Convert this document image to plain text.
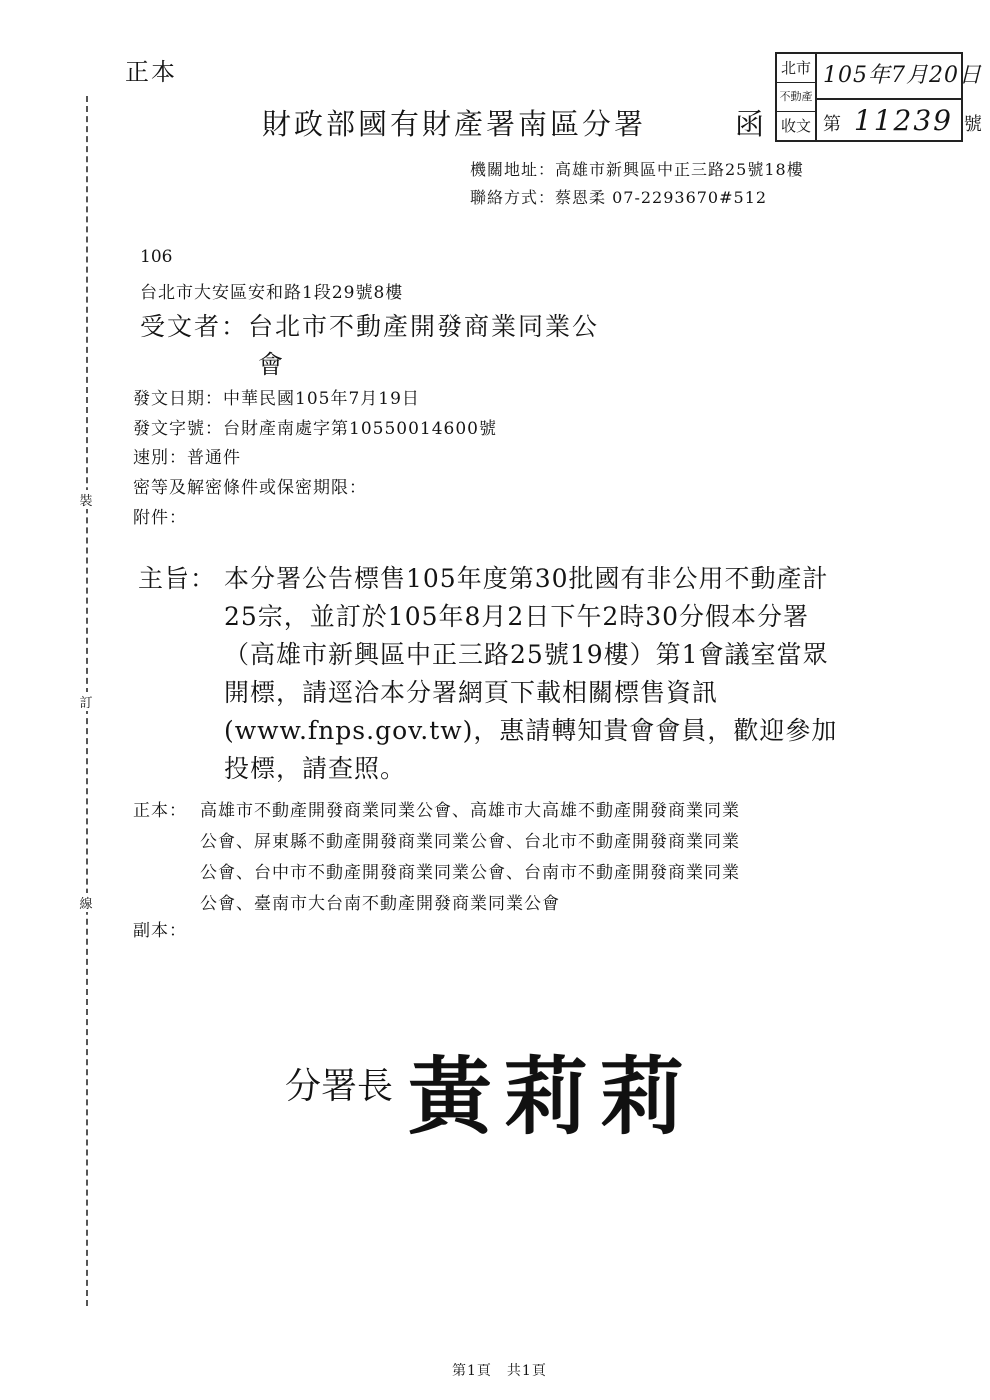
正本
財政部國有財產署南區分署	函
北市
不動產
收文
105年7月20日
第 11239 號
機關地址：高雄市新興區中正三路25號18樓
聯絡方式：蔡恩柔 07-2293670#512
裝
訂
線
106
台北市大安區安和路1段29號8樓
受文者：台北市不動產開發商業同業公
會
發文日期：中華民國105年7月19日
發文字號：台財產南處字第10550014600號
速別：普通件
密等及解密條件或保密期限：
附件：
主旨： 本分署公告標售105年度第30批國有非公用不動產計
25宗，並訂於105年8月2日下午2時30分假本分署
（高雄市新興區中正三路25號19樓）第1會議室當眾
開標，請逕洽本分署網頁下載相關標售資訊
(www.fnps.gov.tw)，惠請轉知貴會會員，歡迎參加
投標，請查照。
正本： 高雄市不動產開發商業同業公會、高雄市大高雄不動產開發商業同業
公會、屏東縣不動產開發商業同業公會、台北市不動產開發商業同業
公會、台中市不動產開發商業同業公會、台南市不動產開發商業同業
公會、臺南市大台南不動產開發商業同業公會
副本：
分署長 黃莉莉
第1頁　共1頁
